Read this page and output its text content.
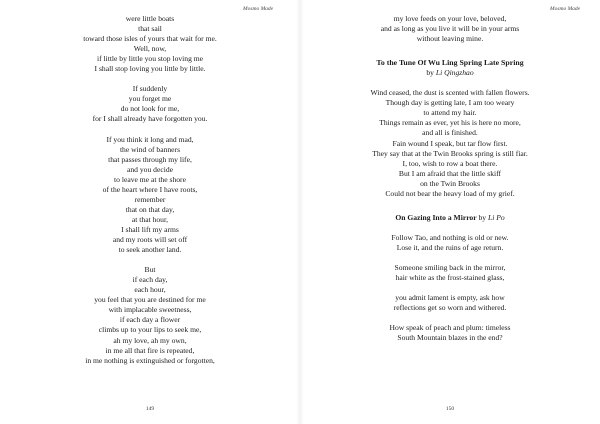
Mosmo Made
were little boats
that sail
toward those isles of yours that wait for me.
Well, now,
if little by little you stop loving me
I shall stop loving you little by little.
If suddenly
you forget me
do not look for me,
for I shall already have forgotten you.
If you think it long and mad,
the wind of banners
that passes through my life,
and you decide
to leave me at the shore
of the heart where I have roots,
remember
that on that day,
at that hour,
I shall lift my arms
and my roots will set off
to seek another land.
But
if each day,
each hour,
you feel that you are destined for me
with implacable sweetness,
if each day a flower
climbs up to your lips to seek me,
ah my love, ah my own,
in me all that fire is repeated,
in me nothing is extinguished or forgotten,
149
Mosmo Made
my love feeds on your love, beloved,
and as long as you live it will be in your arms
without leaving mine.
To the Tune Of Wu Ling Spring Late Spring
by Li Qingzhao
Wind ceased, the dust is scented with fallen flowers.
Though day is getting late, I am too weary
to attend my hair.
Things remain as ever, yet his is here no more,
and all is finished.
Fain wound I speak, but tar flow first.
They say that at the Twin Brooks spring is still fiar.
I, too, wish to row a boat there.
But I am afraid that the little skiff
on the Twin Brooks
Could not bear the heavy load of my grief.
On Gazing Into a Mirror by Li Po
Follow Tao, and nothing is old or new.
Lose it, and the ruins of age return.
Someone smiling back in the mirror,
hair white as the frost-stained glass,
you admit lament is empty, ask how
reflections get so worn and withered.
How speak of peach and plum: timeless
South Mountain blazes in the end?
150
